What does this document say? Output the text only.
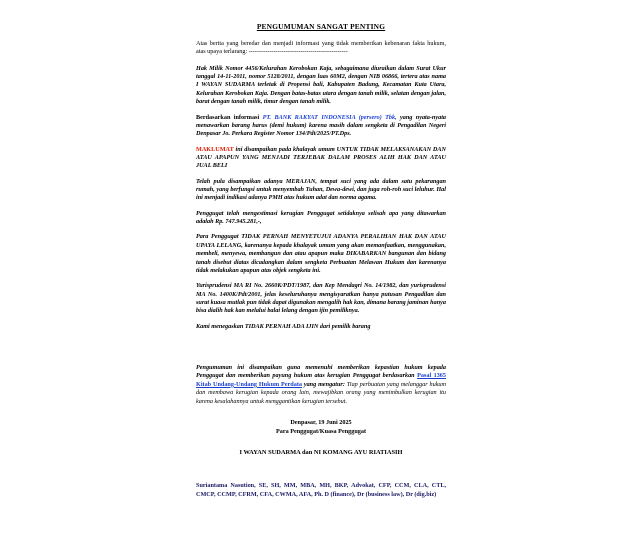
PENGUMUMAN SANGAT PENTING
Atas berita yang beredar dan menjadi informasi yang tidak memberikan kebenaran fakta hukum, atas upaya terlarang: ------------------------------------------------

Hak Milik Nomor 4456/Kelurahan Kerobokan Kaja, sebagaimana diuraikan dalam Surat Ukur tanggal 14-11-2011, nomor 5128/2011, dengan luas 60M2, dengan NIB 06866, tertera atas nama I WAYAN SUDARMA terletak di Propensi bali, Kabupaten Badung, Kecamatan Kuta Utara, Kelurahan Kerobokan Kaja. Dengan batas-batas utara dengan tanah milik, selatan dengan jalan, barat dengan tanah milik, timur dengan tanah milik.

Berdasarkan informasi PT. BANK RAKYAT INDONESIA (persero) Tbk, yang nyata-nyata menawarkan barang harus (demi hukum) karena masih dalam sengketa di Pengadilan Negeri Denpasar Jo. Perkara Register Nomor 134/Pdt/2025/PT.Dps.

MAKLUMAT ini disampaikan pada khalayak umum UNTUK TIDAK MELAKSANAKAN DAN ATAU APAPUN YANG MENJADI TERJEBAK DALAM PROSES ALIH HAK DAN ATAU JUAL BELI

Telah pula disampaikan adanya MERAJAN, tempat suci yang ada dalam satu pekarangan rumah, yang berfungsi untuk menyembah Tuhan, Dewa-dewi, dan juga roh-roh suci leluhur. Hal ini menjadi indikasi adanya PMH atas hukum adat dan norma agama.

Penggugat telah mengestimasi kerugian Penggugat setidaknya selisah apa yang ditawarkan adalah Rp. 747.945.281,-,

Para Penggugat TIDAK PERNAH MENYETUJUI ADANYA PERALIHAN HAK DAN ATAU UPAYA LELANG, karenanya kepada khalayak umum yang akan memanfaatkan, menggunakan, membeli, menyewa, membangun dan atau apapun maka DIKABARKAN bangunan dan bidang tanah disebut diatas dicadangkan dalam sengketa Perbuatan Melawan Hukum dan karenanya tidak melakukan apapun atas objek sengketa ini.

Yurisprudensi MA RI No. 2660K/PDT/1987, dan Kep Mendagri No. 14/1982, dan yurisprudensi MA No. 1400K/Pdt/2001, jelas keseluruhanya mengisyaratkan hanya putusan Pengadilan dan surat kuasa mutlak pun tidak dapat digunakan mengalih hak kan, dimana barang jaminan hanya bisa dialih hak kan melalui balai lelang dengan ijin pemiliknya.

Kami menegaskan TIDAK PERNAH ADA IJIN dari pemilik barang

Pengumuman ini disampaikan guna memenuhi memberikan kepastian hukum kepada Penggugat dan memberikan payung hukum atas kerugian Penggugat berdasarkan Pasal 1365 Kitab Undang-Undang Hukum Perdata yang mengatur: Tiap perbuatan yang melanggar hukum dan membawa kerugian kepada orang lain, mewajibkan orang yang menimbulkan kerugian itu karena kesalahannya untuk menggantikan kerugian tersebut.
Denpasar, 19 Juni 2025
Para Penggugat/Kuasa Penggugat
I WAYAN SUDARMA dan NI KOMANG AYU RIATIASIH
Suriantama Nasution, SE, SH, MM, MBA, MH, BKP, Advokat, CFP, CCM, CLA, CTL, CMCP, CCMP, CFRM, CFA, CWMA, AFA, Ph. D (finance), Dr (business law), Dr (dig.biz)
